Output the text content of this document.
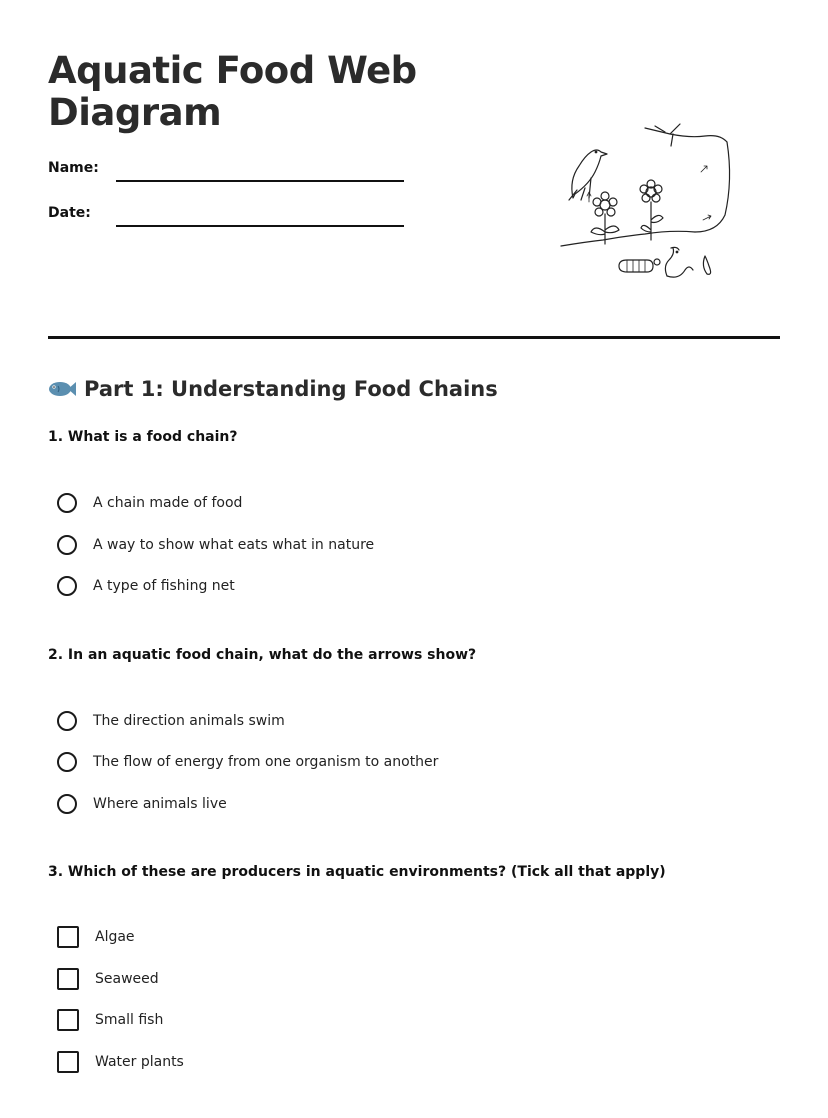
Aquatic Food Web Diagram
Name:
Date:
Part 1: Understanding Food Chains
1. What is a food chain?
A chain made of food
A way to show what eats what in nature
A type of fishing net
2. In an aquatic food chain, what do the arrows show?
The direction animals swim
The flow of energy from one organism to another
Where animals live
3. Which of these are producers in aquatic environments? (Tick all that apply)
Algae
Seaweed
Small fish
Water plants
